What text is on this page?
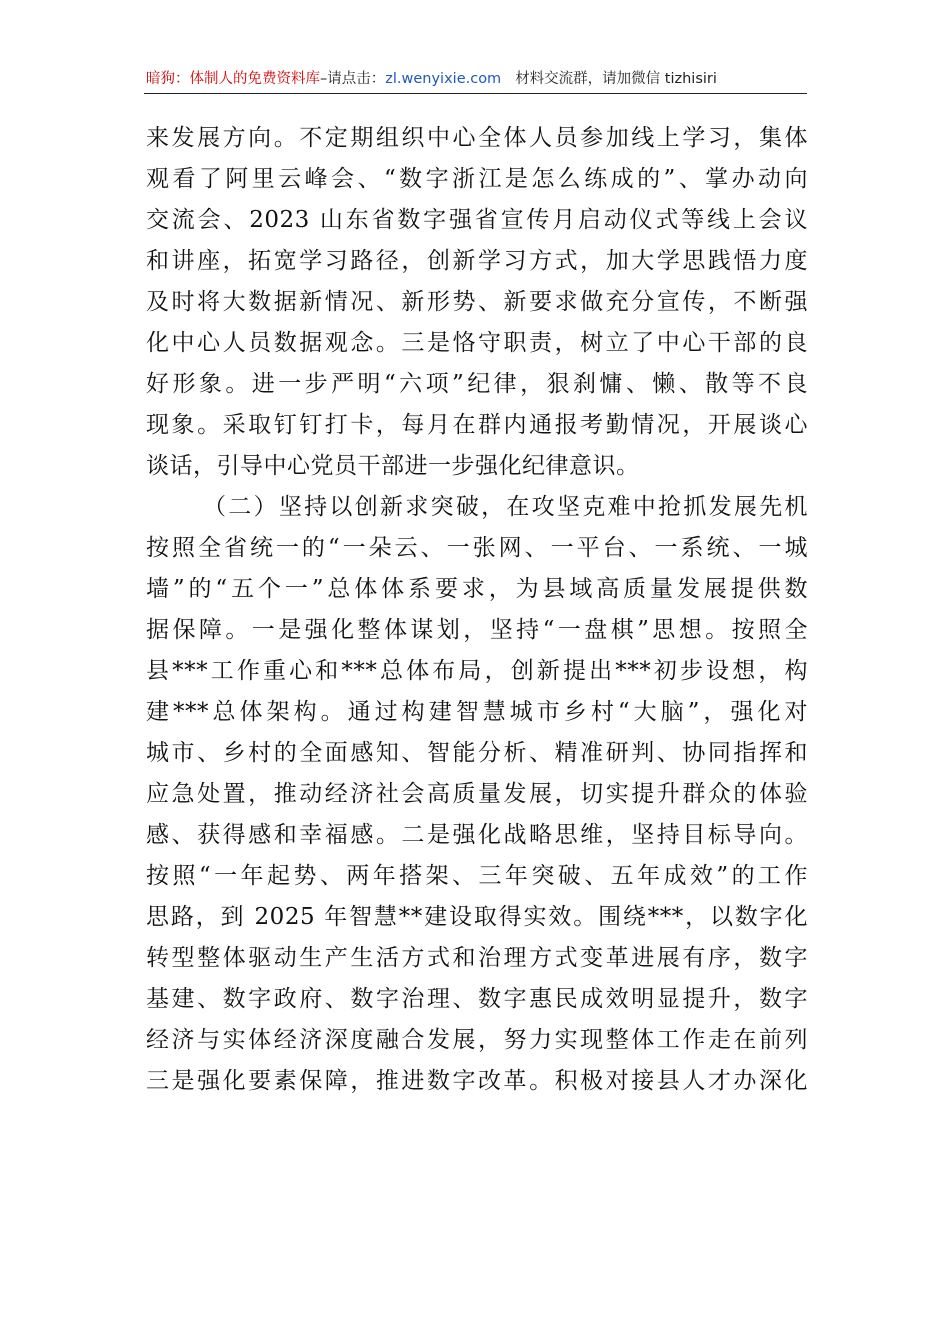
暗狗：体制人的免费资料库–请点击：zl.wenyixie.com 材料交流群，请加微信 tizhisiri
来发展方向。不定期组织中心全体人员参加线上学习，集体
观看了阿里云峰会、“数字浙江是怎么练成的”、掌办动向
交流会、2023 山东省数字强省宣传月启动仪式等线上会议
和讲座，拓宽学习路径，创新学习方式，加大学思践悟力度
及时将大数据新情况、新形势、新要求做充分宣传，不断强
化中心人员数据观念。三是恪守职责，树立了中心干部的良
好形象。进一步严明“六项”纪律，狠刹慵、懒、散等不良
现象。采取钉钉打卡，每月在群内通报考勤情况，开展谈心
谈话，引导中心党员干部进一步强化纪律意识。
（二）坚持以创新求突破，在攻坚克难中抢抓发展先机
按照全省统一的“一朵云、一张网、一平台、一系统、一城
墙”的“五个一”总体体系要求，为县域高质量发展提供数
据保障。一是强化整体谋划，坚持“一盘棋”思想。按照全
县***工作重心和***总体布局，创新提出***初步设想，构
建***总体架构。通过构建智慧城市乡村“大脑”，强化对
城市、乡村的全面感知、智能分析、精准研判、协同指挥和
应急处置，推动经济社会高质量发展，切实提升群众的体验
感、获得感和幸福感。二是强化战略思维，坚持目标导向。
按照“一年起势、两年搭架、三年突破、五年成效”的工作
思路，到 2025 年智慧**建设取得实效。围绕***，以数字化
转型整体驱动生产生活方式和治理方式变革进展有序，数字
基建、数字政府、数字治理、数字惠民成效明显提升，数字
经济与实体经济深度融合发展，努力实现整体工作走在前列
三是强化要素保障，推进数字改革。积极对接县人才办深化
